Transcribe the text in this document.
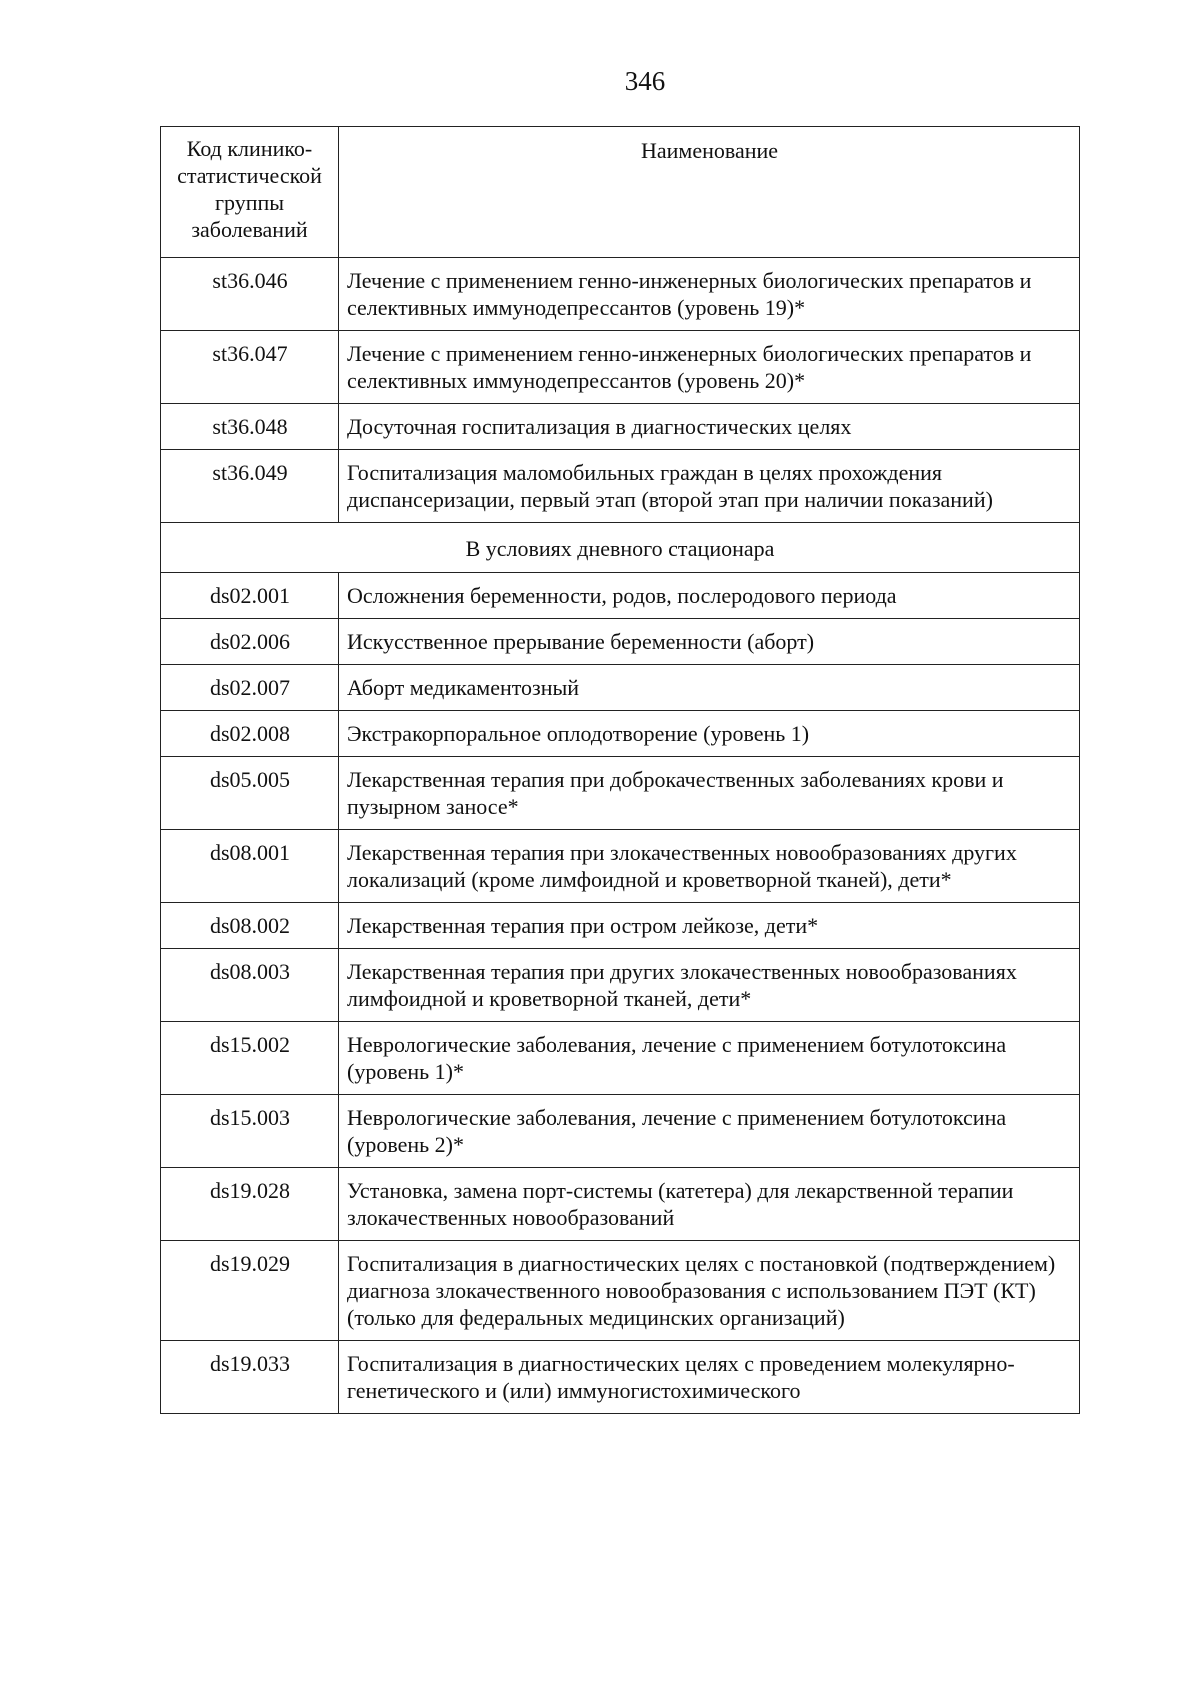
346
Код клинико-
статистической
группы
заболеваний	Наименование
st36.046	Лечение с применением генно-инженерных биологических препаратов и селективных иммунодепрессантов (уровень 19)*
st36.047	Лечение с применением генно-инженерных биологических препаратов и селективных иммунодепрессантов (уровень 20)*
st36.048	Досуточная госпитализация в диагностических целях
st36.049	Госпитализация маломобильных граждан в целях прохождения диспансеризации, первый этап (второй этап при наличии показаний)
В условиях дневного стационара	
ds02.001	Осложнения беременности, родов, послеродового периода
ds02.006	Искусственное прерывание беременности (аборт)
ds02.007	Аборт медикаментозный
ds02.008	Экстракорпоральное оплодотворение (уровень 1)
ds05.005	Лекарственная терапия при доброкачественных заболеваниях крови и пузырном заносе*
ds08.001	Лекарственная терапия при злокачественных новообразованиях других локализаций (кроме лимфоидной и кроветворной тканей), дети*
ds08.002	Лекарственная терапия при остром лейкозе, дети*
ds08.003	Лекарственная терапия при других злокачественных новообразованиях лимфоидной и кроветворной тканей, дети*
ds15.002	Неврологические заболевания, лечение с применением ботулотоксина (уровень 1)*
ds15.003	Неврологические заболевания, лечение с применением ботулотоксина (уровень 2)*
ds19.028	Установка, замена порт-системы (катетера) для лекарственной терапии злокачественных новообразований
ds19.029	Госпитализация в диагностических целях с постановкой (подтверждением) диагноза злокачественного новообразования с использованием ПЭТ (КТ) (только для федеральных медицинских организаций)
ds19.033	Госпитализация в диагностических целях с проведением молекулярно-генетического и (или) иммуногистохимического
